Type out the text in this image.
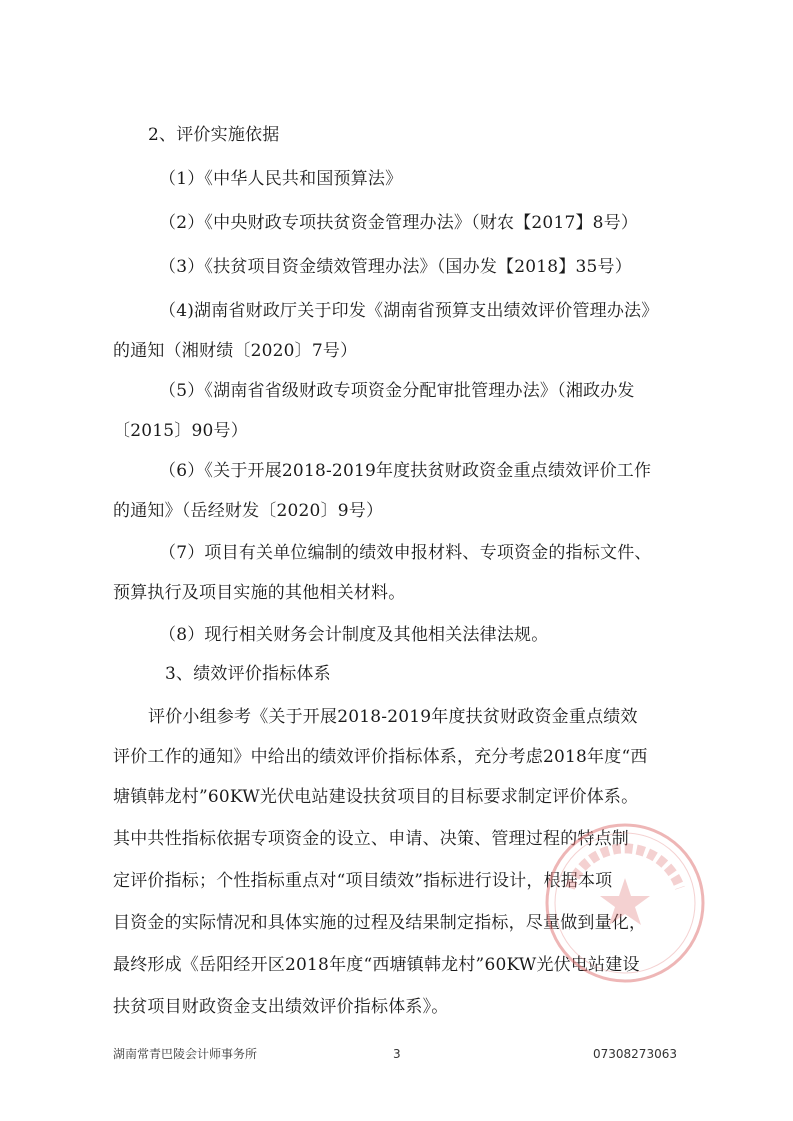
2、评价实施依据
（1）《中华人民共和国预算法》
（2）《中央财政专项扶贫资金管理办法》（财农【2017】8号）
（3）《扶贫项目资金绩效管理办法》（国办发【2018】35号）
（4)湖南省财政厅关于印发《湖南省预算支出绩效评价管理办法》
的通知（湘财绩〔2020〕7号）
（5）《湖南省省级财政专项资金分配审批管理办法》（湘政办发
〔2015〕90号）
（6）《关于开展2018-2019年度扶贫财政资金重点绩效评价工作
的通知》（岳经财发〔2020〕9号）
（7）项目有关单位编制的绩效申报材料、专项资金的指标文件、
预算执行及项目实施的其他相关材料。
（8）现行相关财务会计制度及其他相关法律法规。
3、绩效评价指标体系
评价小组参考《关于开展2018-2019年度扶贫财政资金重点绩效
评价工作的通知》中给出的绩效评价指标体系，充分考虑2018年度“西
塘镇韩龙村”60KW光伏电站建设扶贫项目的目标要求制定评价体系。
其中共性指标依据专项资金的设立、申请、决策、管理过程的特点制
定评价指标；个性指标重点对“项目绩效”指标进行设计，根据本项
目资金的实际情况和具体实施的过程及结果制定指标，尽量做到量化，
最终形成《岳阳经开区2018年度“西塘镇韩龙村”60KW光伏电站建设
扶贫项目财政资金支出绩效评价指标体系》。
湖南常青巴陵会计师事务所	3	07308273063
